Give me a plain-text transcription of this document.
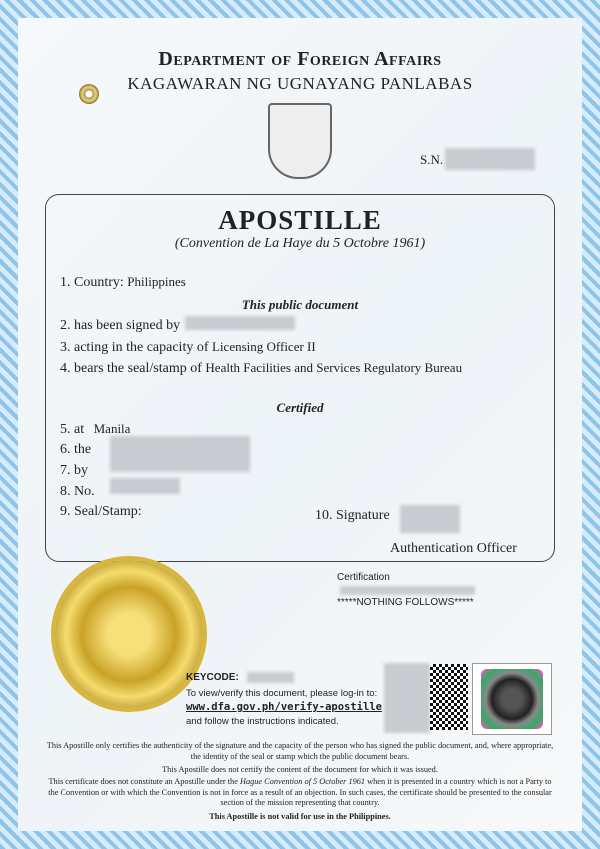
Department of Foreign Affairs
KAGAWARAN NG UGNAYANG PANLABAS
S.N.
APOSTILLE
(Convention de La Haye du 5 Octobre 1961)
1. Country: Philippines
This public document
2. has been signed by
3. acting in the capacity of Licensing Officer II
4. bears the seal/stamp of Health Facilities and Services Regulatory Bureau
Certified
5. at Manila
6. the
7. by
8. No.
9. Seal/Stamp:	10. Signature
Authentication Officer
Certification
*****NOTHING FOLLOWS*****
KEYCODE:
To view/verify this document, please log-in to:
www.dfa.gov.ph/verify-apostille
and follow the instructions indicated.
This Apostille only certifies the authenticity of the signature and the capacity of the person who has signed the public document, and, where appropriate, the identity of the seal or stamp which the public document bears.
This Apostille does not certify the content of the document for which it was issued.
This certificate does not constitute an Apostille under the Hague Convention of 5 October 1961 when it is presented in a country which is not a Party to the Convention or with which the Convention is not in force as a result of an objection. In such cases, the certificate should be presented to the consular section of the mission representing that country.
This Apostille is not valid for use in the Philippines.
